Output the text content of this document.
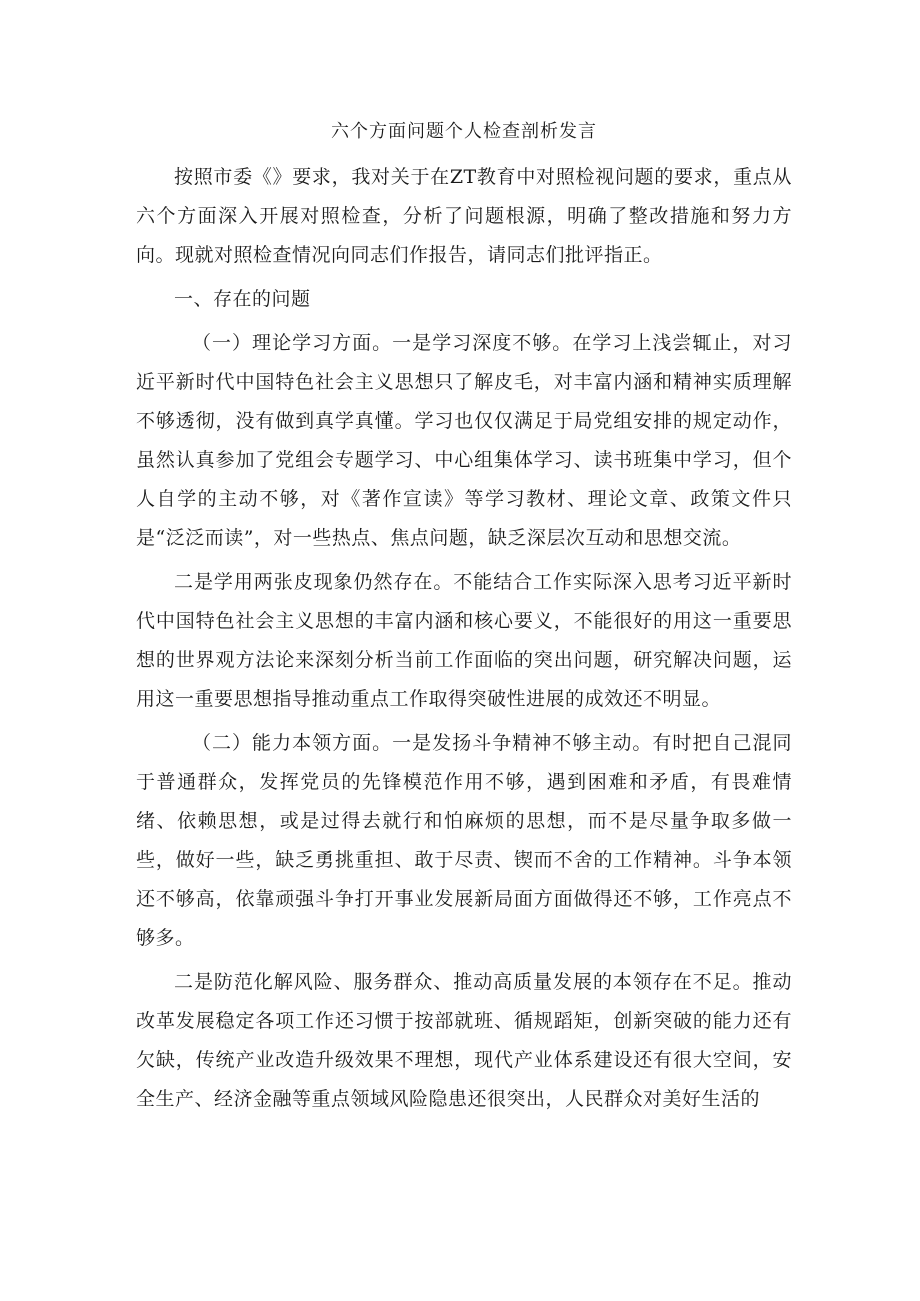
六个方面问题个人检查剖析发言

按照市委《》要求，我对关于在ZT教育中对照检视问题的要求，重点从六个方面深入开展对照检查，分析了问题根源，明确了整改措施和努力方向。现就对照检查情况向同志们作报告，请同志们批评指正。

一、存在的问题

（一）理论学习方面。一是学习深度不够。在学习上浅尝辄止，对习近平新时代中国特色社会主义思想只了解皮毛，对丰富内涵和精神实质理解不够透彻，没有做到真学真懂。学习也仅仅满足于局党组安排的规定动作，虽然认真参加了党组会专题学习、中心组集体学习、读书班集中学习，但个人自学的主动不够，对《著作宣读》等学习教材、理论文章、政策文件只是“泛泛而读”，对一些热点、焦点问题，缺乏深层次互动和思想交流。

二是学用两张皮现象仍然存在。不能结合工作实际深入思考习近平新时代中国特色社会主义思想的丰富内涵和核心要义，不能很好的用这一重要思想的世界观方法论来深刻分析当前工作面临的突出问题，研究解决问题，运用这一重要思想指导推动重点工作取得突破性进展的成效还不明显。

（二）能力本领方面。一是发扬斗争精神不够主动。有时把自己混同于普通群众，发挥党员的先锋模范作用不够，遇到困难和矛盾，有畏难情绪、依赖思想，或是过得去就行和怕麻烦的思想，而不是尽量争取多做一些，做好一些，缺乏勇挑重担、敢于尽责、锲而不舍的工作精神。斗争本领还不够高，依靠顽强斗争打开事业发展新局面方面做得还不够，工作亮点不够多。

二是防范化解风险、服务群众、推动高质量发展的本领存在不足。推动改革发展稳定各项工作还习惯于按部就班、循规蹈矩，创新突破的能力还有欠缺，传统产业改造升级效果不理想，现代产业体系建设还有很大空间，安全生产、经济金融等重点领域风险隐患还很突出，人民群众对美好生活的
